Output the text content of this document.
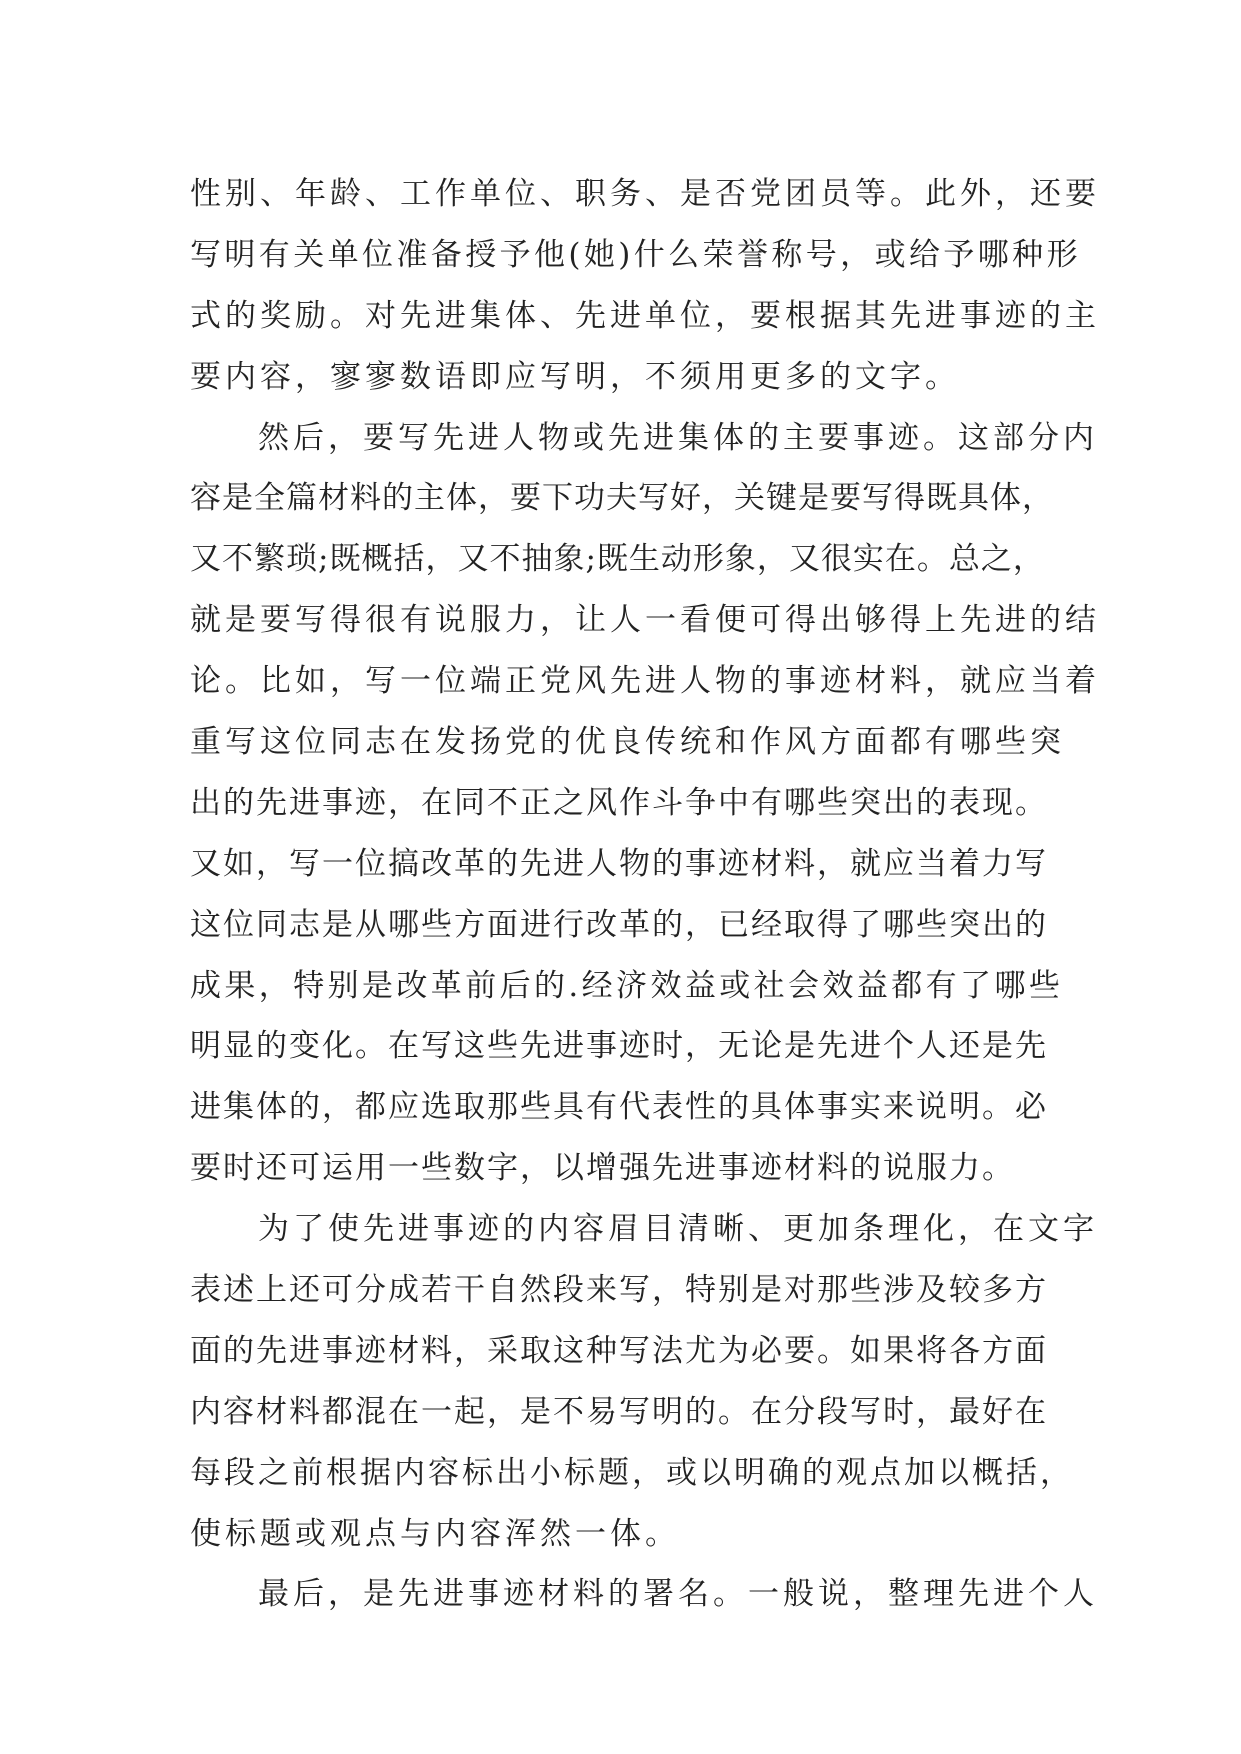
性别、年龄、工作单位、职务、是否党团员等。此外，还要
写明有关单位准备授予他(她)什么荣誉称号，或给予哪种形
式的奖励。对先进集体、先进单位，要根据其先进事迹的主
要内容，寥寥数语即应写明，不须用更多的文字。
然后，要写先进人物或先进集体的主要事迹。这部分内
容是全篇材料的主体，要下功夫写好，关键是要写得既具体，
又不繁琐;既概括，又不抽象;既生动形象，又很实在。总之，
就是要写得很有说服力，让人一看便可得出够得上先进的结
论。比如，写一位端正党风先进人物的事迹材料，就应当着
重写这位同志在发扬党的优良传统和作风方面都有哪些突
出的先进事迹，在同不正之风作斗争中有哪些突出的表现。
又如，写一位搞改革的先进人物的事迹材料，就应当着力写
这位同志是从哪些方面进行改革的，已经取得了哪些突出的
成果，特别是改革前后的.经济效益或社会效益都有了哪些
明显的变化。在写这些先进事迹时，无论是先进个人还是先
进集体的，都应选取那些具有代表性的具体事实来说明。必
要时还可运用一些数字，以增强先进事迹材料的说服力。
为了使先进事迹的内容眉目清晰、更加条理化，在文字
表述上还可分成若干自然段来写，特别是对那些涉及较多方
面的先进事迹材料，采取这种写法尤为必要。如果将各方面
内容材料都混在一起，是不易写明的。在分段写时，最好在
每段之前根据内容标出小标题，或以明确的观点加以概括，
使标题或观点与内容浑然一体。
最后，是先进事迹材料的署名。一般说，整理先进个人
